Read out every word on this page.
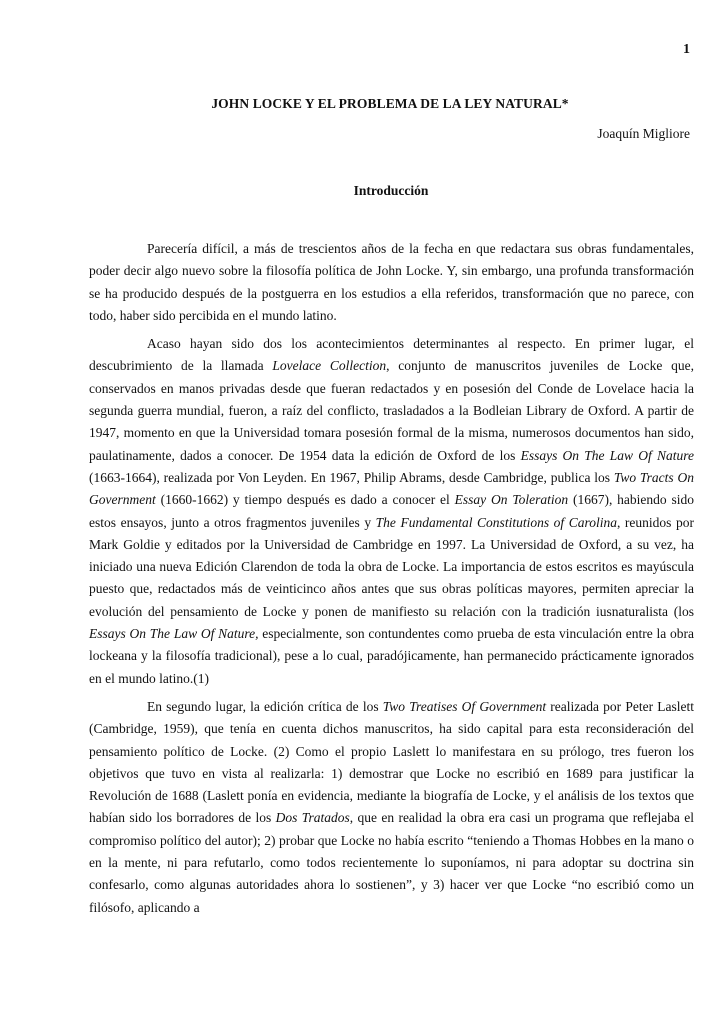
1
JOHN LOCKE Y EL PROBLEMA DE LA LEY NATURAL*
Joaquín Migliore
Introducción

Parecería difícil, a más de trescientos años de la fecha en que redactara sus obras fundamentales, poder decir algo nuevo sobre la filosofía política de John Locke. Y, sin embargo, una profunda transformación se ha producido después de la postguerra en los estudios a ella referidos, transformación que no parece, con todo, haber sido percibida en el mundo latino.

Acaso hayan sido dos los acontecimientos determinantes al respecto. En primer lugar, el descubrimiento de la llamada Lovelace Collection, conjunto de manuscritos juveniles de Locke que, conservados en manos privadas desde que fueran redactados y en posesión del Conde de Lovelace hacia la segunda guerra mundial, fueron, a raíz del conflicto, trasladados a la Bodleian Library de Oxford. A partir de 1947, momento en que la Universidad tomara posesión formal de la misma, numerosos documentos han sido, paulatinamente, dados a conocer. De 1954 data la edición de Oxford de los Essays On The Law Of Nature (1663-1664), realizada por Von Leyden. En 1967, Philip Abrams, desde Cambridge, publica los Two Tracts On Government (1660-1662) y tiempo después es dado a conocer el Essay On Toleration (1667), habiendo sido estos ensayos, junto a otros fragmentos juveniles y The Fundamental Constitutions of Carolina, reunidos por Mark Goldie y editados por la Universidad de Cambridge en 1997. La Universidad de Oxford, a su vez, ha iniciado una nueva Edición Clarendon de toda la obra de Locke. La importancia de estos escritos es mayúscula puesto que, redactados más de veinticinco años antes que sus obras políticas mayores, permiten apreciar la evolución del pensamiento de Locke y ponen de manifiesto su relación con la tradición iusnaturalista (los Essays On The Law Of Nature, especialmente, son contundentes como prueba de esta vinculación entre la obra lockeana y la filosofía tradicional), pese a lo cual, paradójicamente, han permanecido prácticamente ignorados en el mundo latino.(1)

En segundo lugar, la edición crítica de los Two Treatises Of Government realizada por Peter Laslett (Cambridge, 1959), que tenía en cuenta dichos manuscritos, ha sido capital para esta reconsideración del pensamiento político de Locke. (2) Como el propio Laslett lo manifestara en su prólogo, tres fueron los objetivos que tuvo en vista al realizarla: 1) demostrar que Locke no escribió en 1689 para justificar la Revolución de 1688 (Laslett ponía en evidencia, mediante la biografía de Locke, y el análisis de los textos que habían sido los borradores de los Dos Tratados, que en realidad la obra era casi un programa que reflejaba el compromiso político del autor); 2) probar que Locke no había escrito “teniendo a Thomas Hobbes en la mano o en la mente, ni para refutarlo, como todos recientemente lo suponíamos, ni para adoptar su doctrina sin confesarlo, como algunas autoridades ahora lo sostienen”, y 3) hacer ver que Locke “no escribió como un filósofo, aplicando a
